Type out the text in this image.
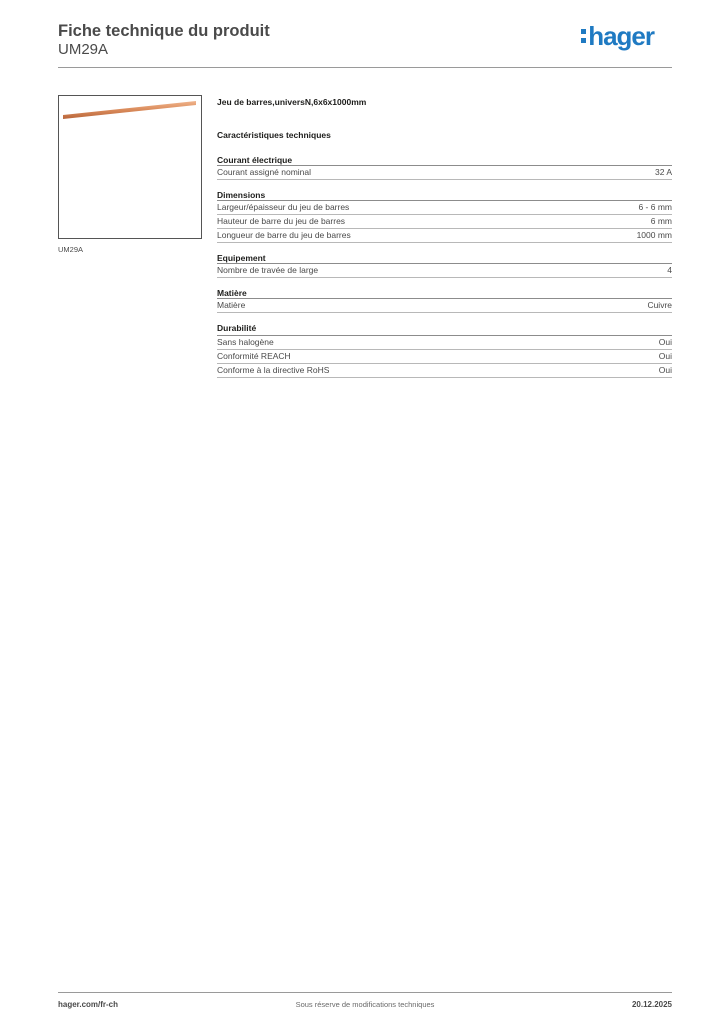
Fiche technique du produit
UM29A	hager
UM29A
Jeu de barres,universN,6x6x1000mm
Caractéristiques techniques
Courant électrique
Courant assigné nominal	32 A
Dimensions
Largeur/épaisseur du jeu de barres	6 - 6 mm
Hauteur de barre du jeu de barres	6 mm
Longueur de barre du jeu de barres	1000 mm
Equipement
Nombre de travée de large	4
Matière
Matière	Cuivre
Durabilité
Sans halogène	Oui
Conformité REACH	Oui
Conforme à la directive RoHS	Oui
hager.com/fr-ch	Sous réserve de modifications techniques	20.12.2025
